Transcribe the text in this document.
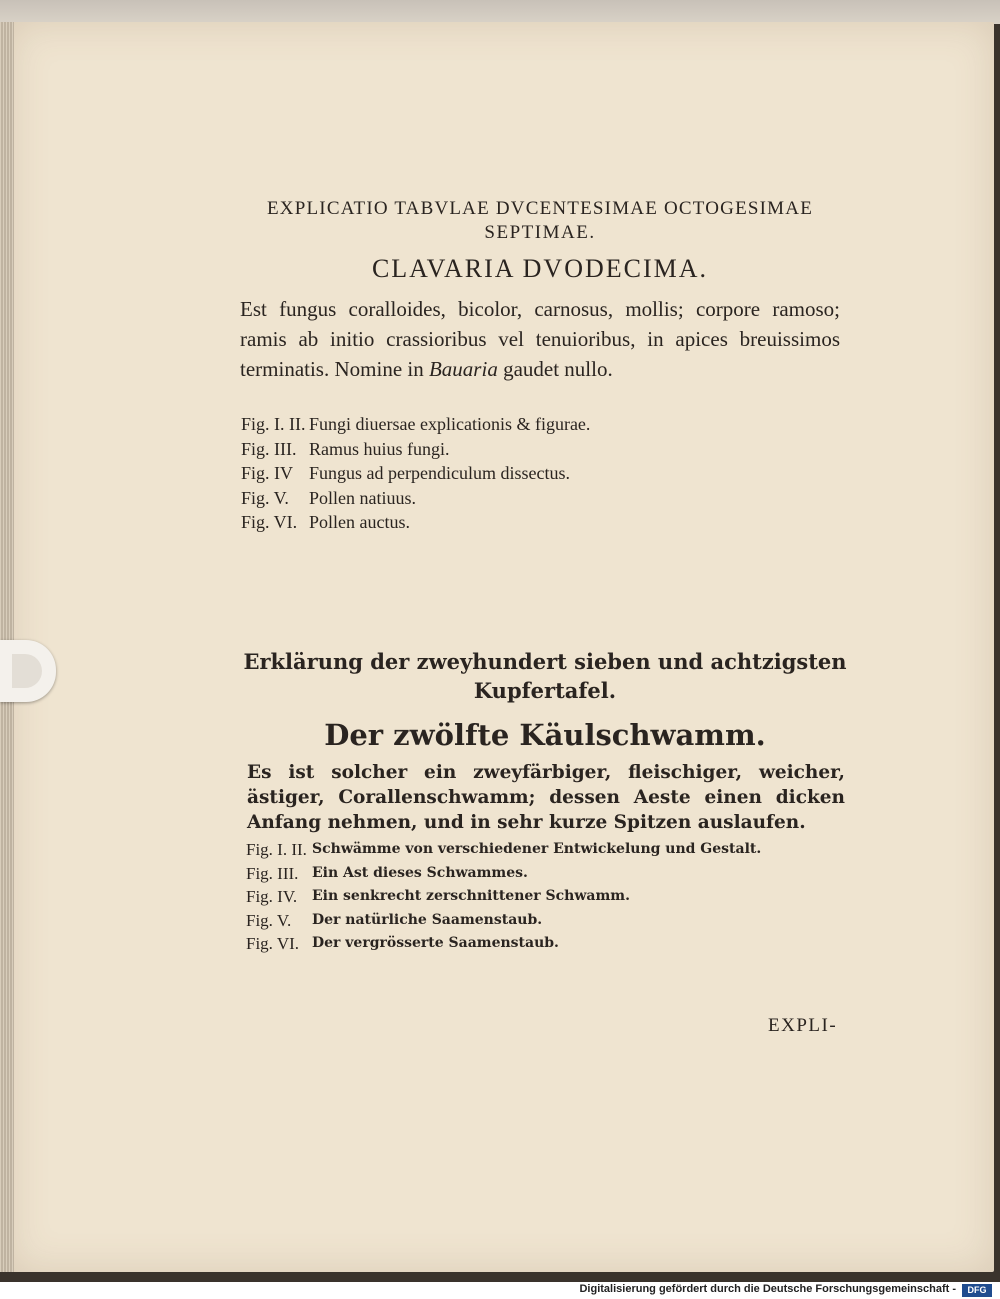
EXPLICATIO TABVLAE DVCENTESIMAE OCTOGESIMAE
SEPTIMAE.
CLAVARIA DVODECIMA.
Est fungus coralloides, bicolor, carnosus, mollis; corpore ramoso; ramis ab initio crassioribus vel tenuioribus, in apices breuissimos terminatis. Nomine in Bauaria gaudet nullo.
Fig. I. II. Fungi diuersae explicationis & figurae.
Fig. III. Ramus huius fungi.
Fig. IV Fungus ad perpendiculum dissectus.
Fig. V.	Pollen natiuus.
Fig. VI. Pollen auctus.
Erklärung der zweyhundert sieben und achtzigsten
Kupfertafel.
Der zwölfte Käulschwamm.
Es ist solcher ein zweyfärbiger, fleischiger, weicher, ästiger, Corallenschwamm; dessen Aeste einen dicken Anfang nehmen, und in sehr kurze Spitzen auslaufen.
Fig. I. II. Schwämme von verschiedener Entwickelung und Gestalt.
Fig. III. Ein Ast dieses Schwammes.
Fig. IV.	Ein senkrecht zerschnittener Schwamm.
Fig. V.	Der natürliche Saamenstaub.
Fig. VI. Der vergrösserte Saamenstaub.
EXPLI-
Digitalisierung gefördert durch die Deutsche Forschungsgemeinschaft -	DFG
